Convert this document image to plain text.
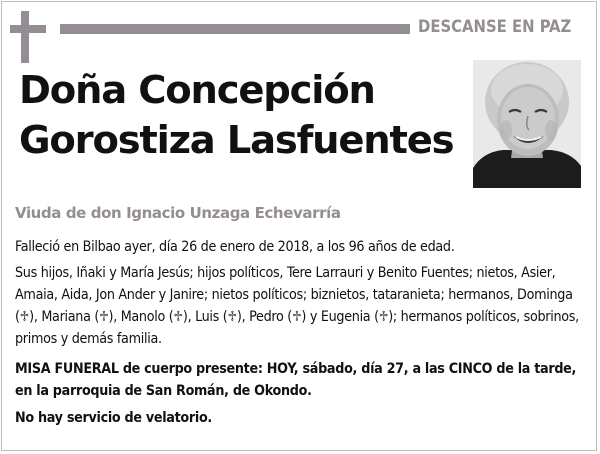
DESCANSE EN PAZ
Doña Concepción
Gorostiza Lasfuentes
Viuda de don Ignacio Unzaga Echevarría
Falleció en Bilbao ayer, día 26 de enero de 2018, a los 96 años de edad.
Sus hijos, Iñaki y María Jesús; hijos políticos, Tere Larrauri y Benito Fuentes; nietos, Asier, Amaia, Aida, Jon Ander y Janire; nietos políticos; biznietos, tataranieta; hermanos, Dominga (♱), Mariana (♱), Manolo (♱), Luis (♱), Pedro (♱) y Eugenia (♱); hermanos políticos, sobrinos, primos y demás familia.
MISA FUNERAL de cuerpo presente: HOY, sábado, día 27, a las CINCO de la tarde, en la parroquia de San Román, de Okondo.
No hay servicio de velatorio.
